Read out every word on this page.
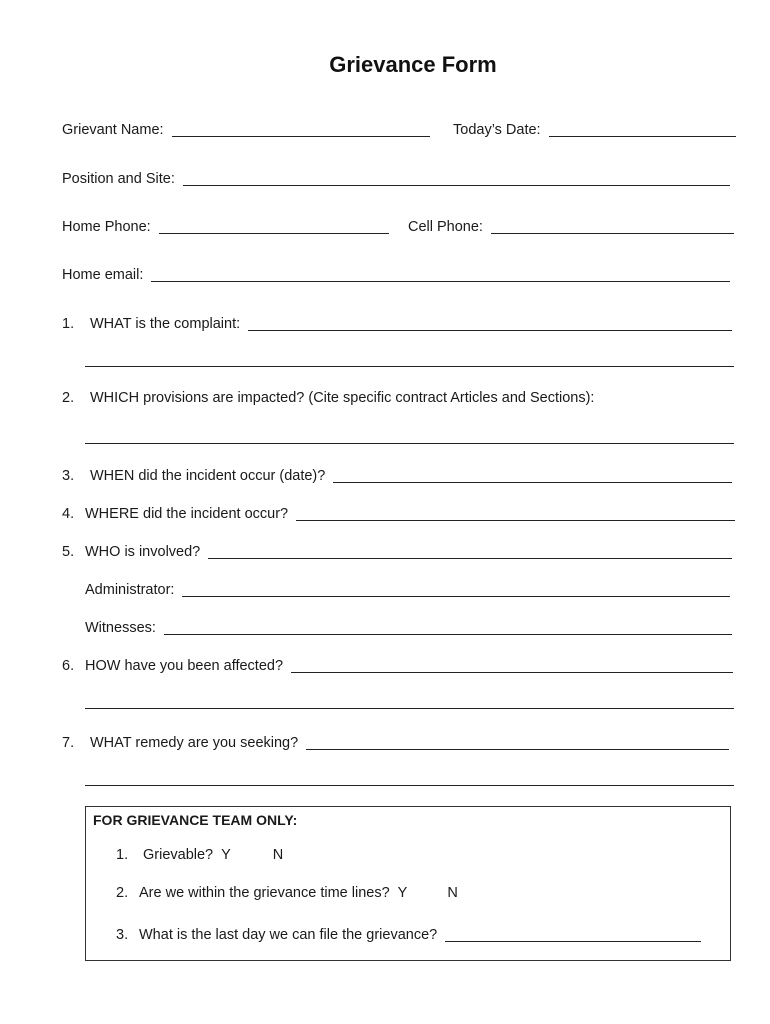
Grievance Form
Grievant Name:	Today’s Date:
Position and Site:
Home Phone:	Cell Phone:
Home email:
1.	WHAT is the complaint:
2.	WHICH provisions are impacted? (Cite specific contract Articles and Sections):
3.	WHEN did the incident occur (date)?
4. WHERE did the incident occur?
5. WHO is involved?
Administrator:
Witnesses:
6. HOW have you been affected?
7.	WHAT remedy are you seeking?
FOR GRIEVANCE TEAM ONLY:
1.	Grievable? Y	N
2. Are we within the grievance time lines? Y	N
3. What is the last day we can file the grievance?
